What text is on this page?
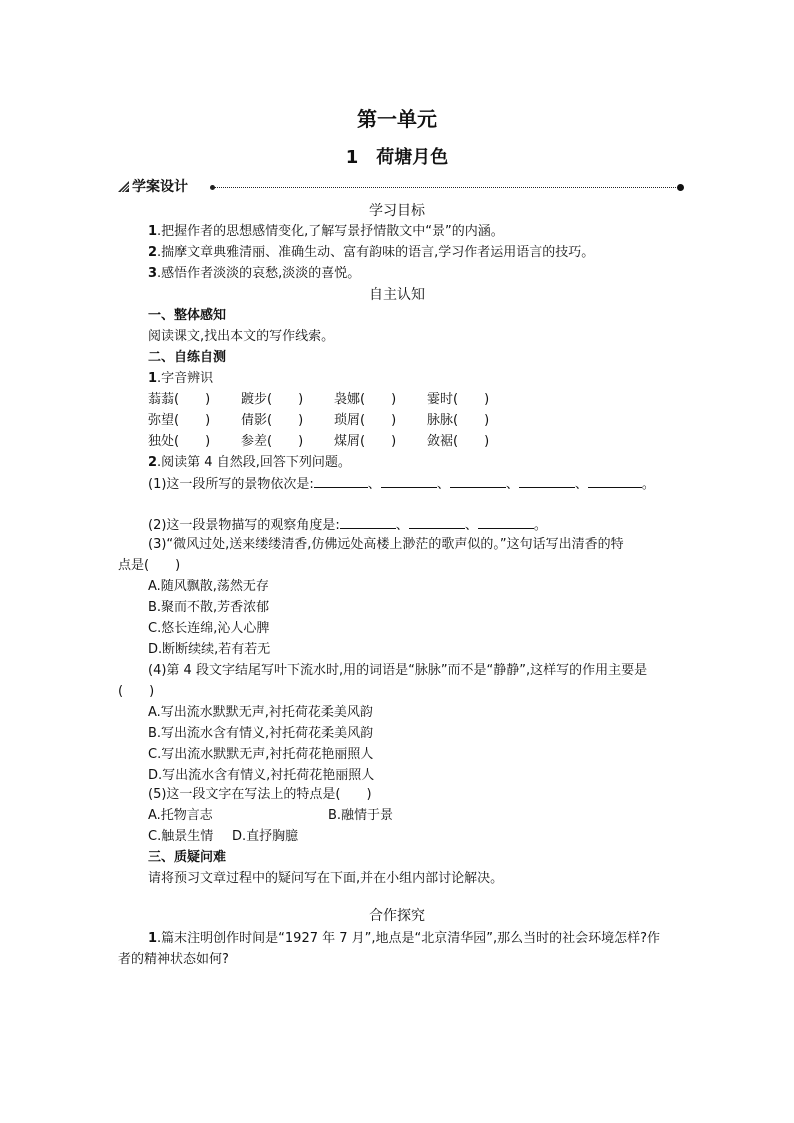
第一单元
1　荷塘月色
学案设计
学习目标
1.把握作者的思想感情变化,了解写景抒情散文中“景”的内涵。
2.揣摩文章典雅清丽、准确生动、富有韵味的语言,学习作者运用语言的技巧。
3.感悟作者淡淡的哀愁,淡淡的喜悦。
自主认知
一、整体感知
阅读课文,找出本文的写作线索。
二、自练自测
1.字音辨识
蓊蓊(　　) 踱步(　　) 袅娜(　　) 霎时(　　)
弥望(　　) 倩影(　　) 琐屑(　　) 脉脉(　　)
独处(　　) 参差(　　) 煤屑(　　) 敛裾(　　)
2.阅读第 4 自然段,回答下列问题。
(1)这一段所写的景物依次是:	、	、	、	、	。
(2)这一段景物描写的观察角度是:	、	、	。
(3)“微风过处,送来缕缕清香,仿佛远处高楼上渺茫的歌声似的。”这句话写出清香的特
点是(　　)
A.随风飘散,荡然无存
B.聚而不散,芳香浓郁
C.悠长连绵,沁人心脾
D.断断续续,若有若无
(4)第 4 段文字结尾写叶下流水时,用的词语是“脉脉”而不是“静静”,这样写的作用主要是
(　　)
A.写出流水默默无声,衬托荷花柔美风韵
B.写出流水含有情义,衬托荷花柔美风韵
C.写出流水默默无声,衬托荷花艳丽照人
D.写出流水含有情义,衬托荷花艳丽照人
(5)这一段文字在写法上的特点是(　　)
A.托物言志	B.融情于景
C.触景生情 D.直抒胸臆
三、质疑问难
请将预习文章过程中的疑问写在下面,并在小组内部讨论解决。
合作探究
1.篇末注明创作时间是“1927 年 7 月”,地点是“北京清华园”,那么当时的社会环境怎样?作
者的精神状态如何?
